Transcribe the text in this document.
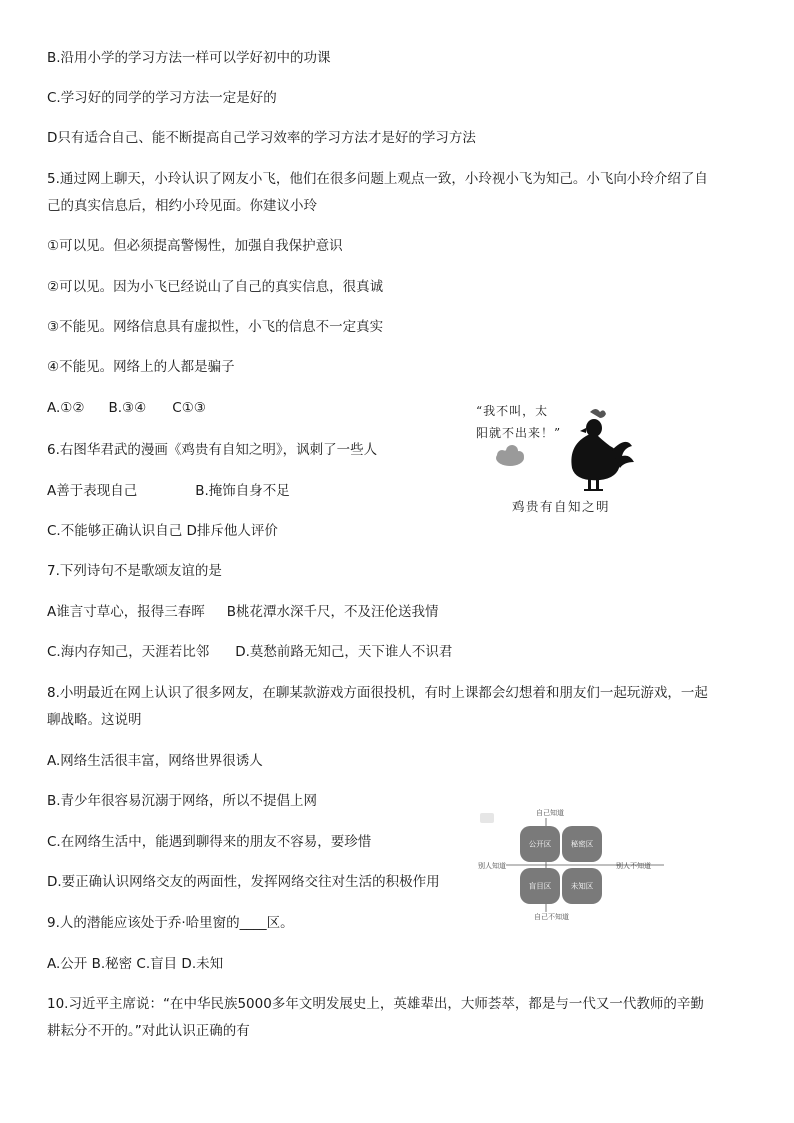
B.沿用小学的学习方法一样可以学好初中的功课
C.学习好的同学的学习方法一定是好的
D只有适合自己、能不断提高自己学习效率的学习方法才是好的学习方法
5.通过网上聊天，小玲认识了网友小飞，他们在很多问题上观点一致，小玲视小飞为知己。小飞向小玲介绍了自
己的真实信息后，相约小玲见面。你建议小玲
①可以见。但必须提高警惕性，加强自我保护意识
②可以见。因为小飞已经说山了自己的真实信息，很真诚
③不能见。网络信息具有虚拟性，小飞的信息不一定真实
④不能见。网络上的人都是骗子
A.①② B.③④ C①③
6.右图华君武的漫画《鸡贵有自知之明》，讽刺了一些人
A善于表现自己	B.掩饰自身不足
C.不能够正确认识自己 D排斥他人评价
“我不叫，太
阳就不出来！”
鸡贵有自知之明
7.下列诗句不是歌颂友谊的是
A谁言寸草心，报得三春晖 B桃花潭水深千尺，不及汪伦送我情
C.海内存知己，天涯若比邻 D.莫愁前路无知己，天下谁人不识君
8.小明最近在网上认识了很多网友，在聊某款游戏方面很投机，有时上课都会幻想着和朋友们一起玩游戏，一起
聊战略。这说明
A.网络生活很丰富，网络世界很诱人
B.青少年很容易沉溺于网络，所以不提倡上网
C.在网络生活中，能遇到聊得来的朋友不容易，要珍惜
D.要正确认识网络交友的两面性，发挥网络交往对生活的积极作用
9.人的潜能应该处于乔·哈里窗的____区。
A.公开 B.秘密 C.盲目 D.未知
自己知道
自己不知道
别人知道	别人不知道
公开区	秘密区
盲目区	未知区
10.习近平主席说：“在中华民族5000多年文明发展史上，英雄辈出，大师荟萃，都是与一代又一代教师的辛勤
耕耘分不开的。”对此认识正确的有
